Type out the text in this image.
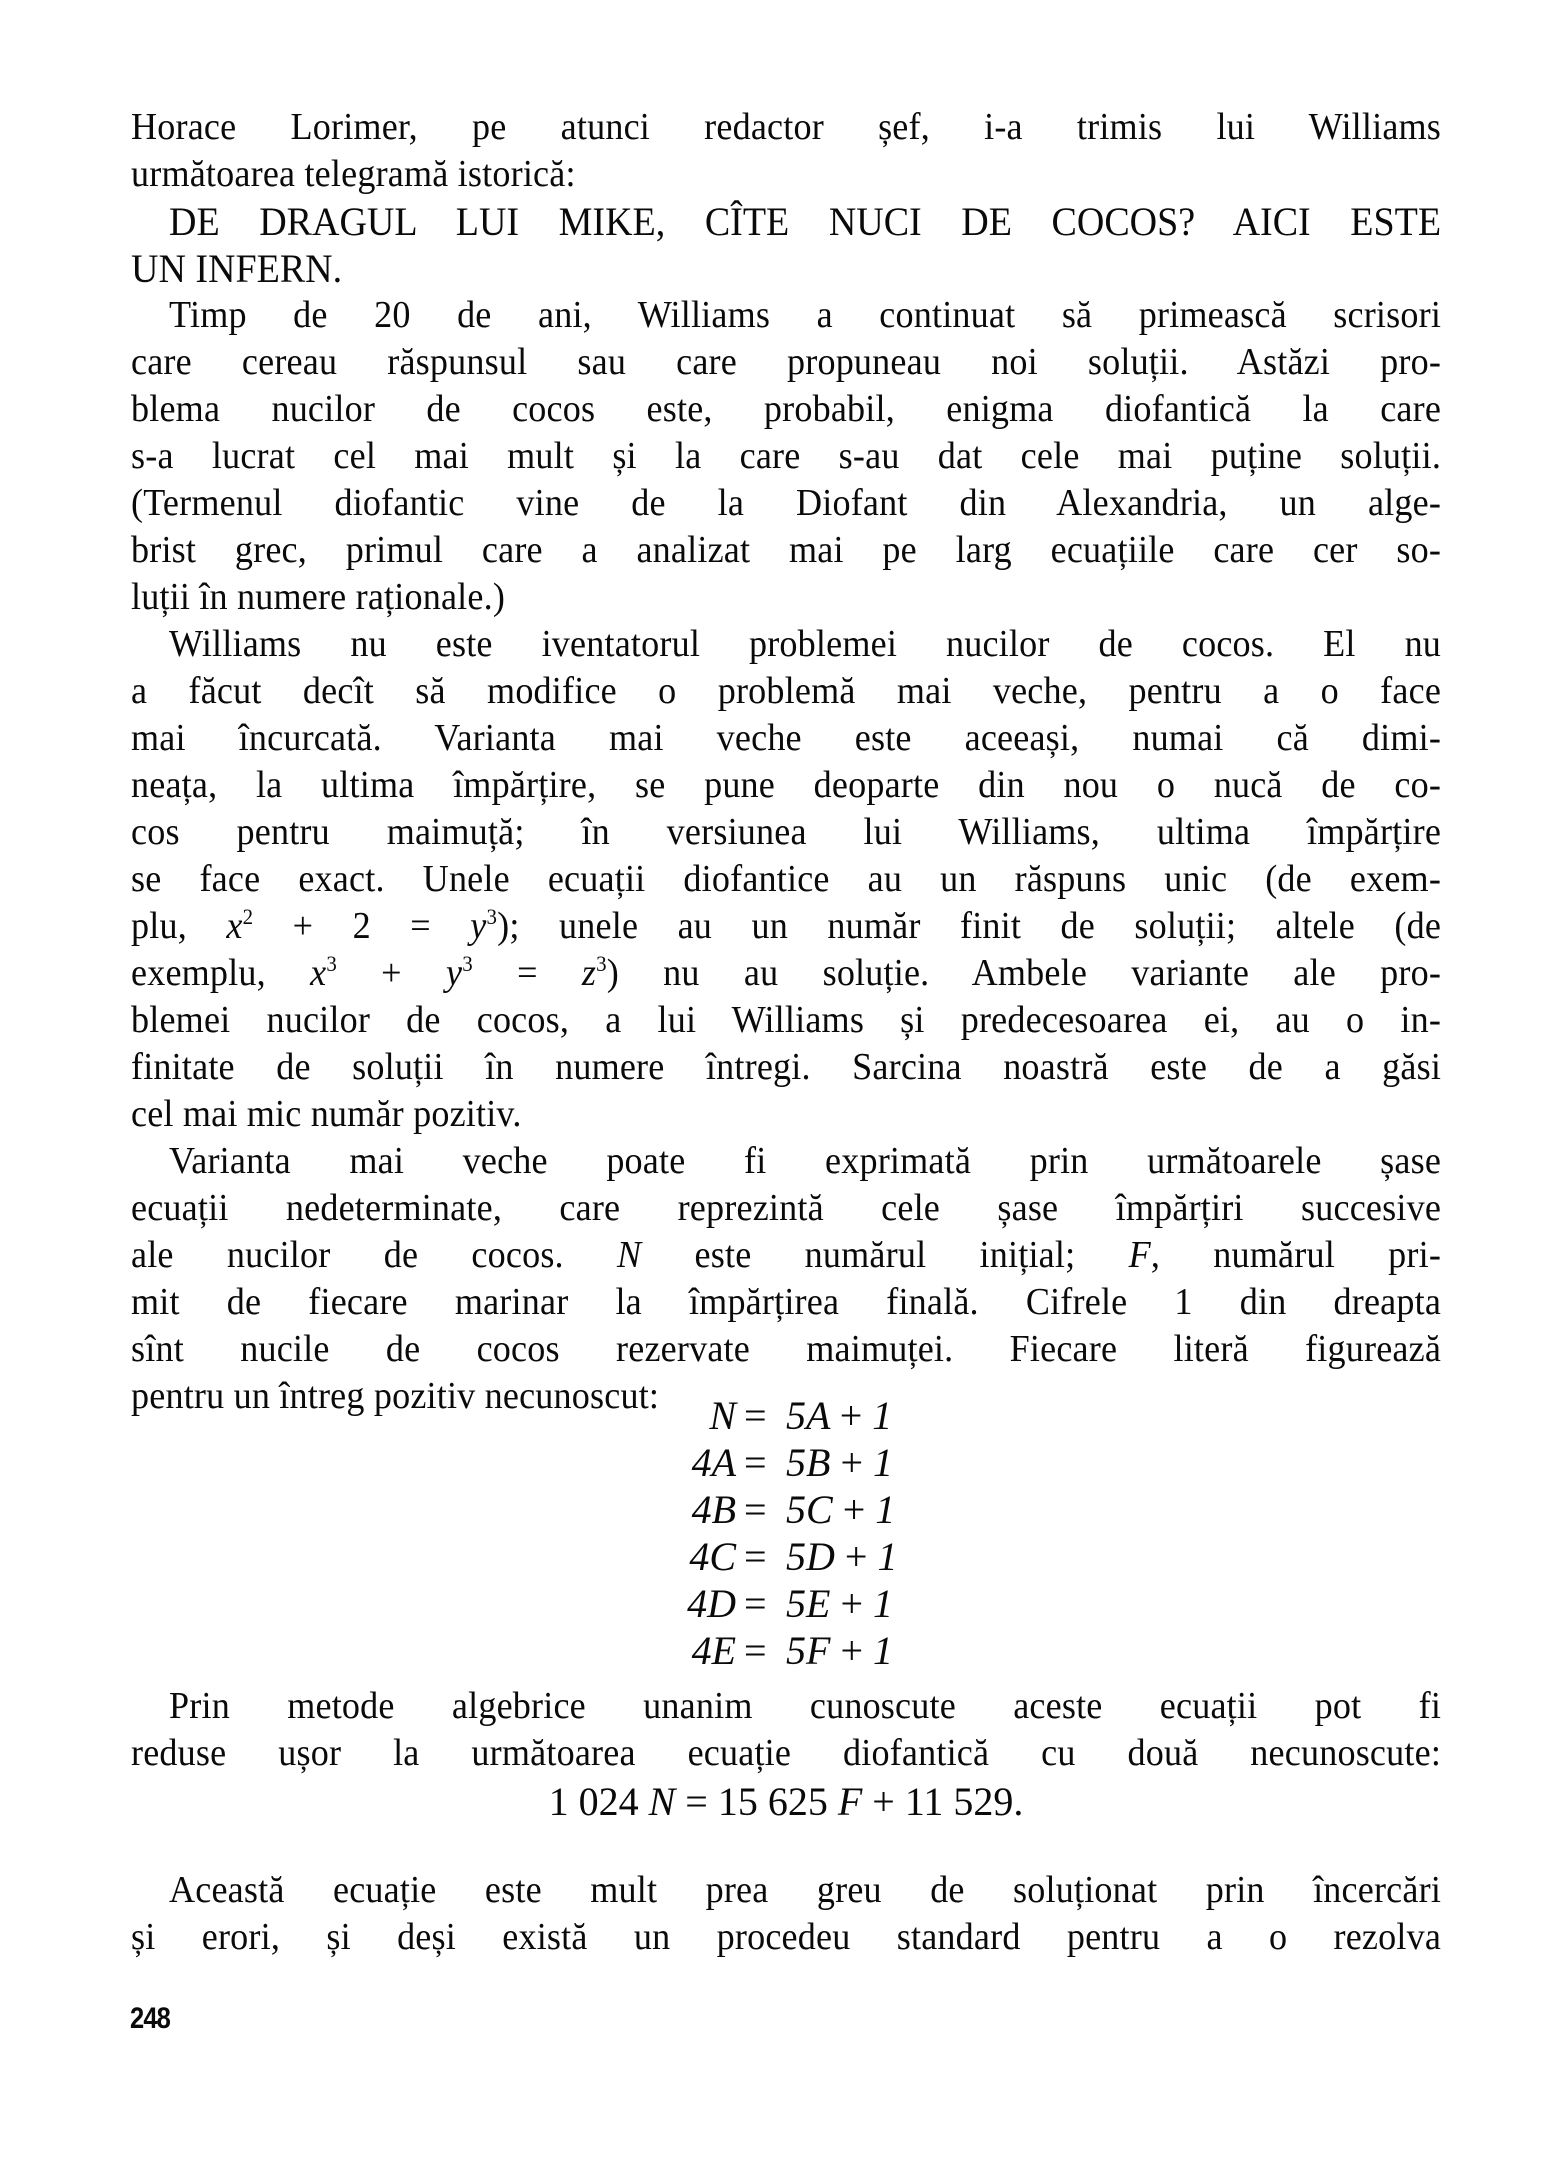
Horace Lorimer, pe atunci redactor șef, i-a trimis lui Williams
următoarea telegramă istorică:
DE DRAGUL LUI MIKE, CÎTE NUCI DE COCOS? AICI ESTE
UN INFERN.
Timp de 20 de ani, Williams a continuat să primească scrisori
care cereau răspunsul sau care propuneau noi soluții. Astăzi pro-
blema nucilor de cocos este, probabil, enigma diofantică la care
s-a lucrat cel mai mult și la care s-au dat cele mai puține soluții.
(Termenul diofantic vine de la Diofant din Alexandria, un alge-
brist grec, primul care a analizat mai pe larg ecuațiile care cer so-
luții în numere raționale.)
Williams nu este iventatorul problemei nucilor de cocos. El nu
a făcut decît să modifice o problemă mai veche, pentru a o face
mai încurcată. Varianta mai veche este aceeași, numai că dimi-
neața, la ultima împărțire, se pune deoparte din nou o nucă de co-
cos pentru maimuță; în versiunea lui Williams, ultima împărțire
se face exact. Unele ecuații diofantice au un răspuns unic (de exem-
plu, $x^2 + 2 = y^3$); unele au un număr finit de soluții; altele (de
exemplu, $x^3 + y^3 = z^3$) nu au soluție. Ambele variante ale pro-
blemei nucilor de cocos, a lui Williams și predecesoarea ei, au o in-
finitate de soluții în numere întregi. Sarcina noastră este de a găsi
cel mai mic număr pozitiv.
Varianta mai veche poate fi exprimată prin următoarele șase
ecuații nedeterminate, care reprezintă cele șase împărțiri succesive
ale nucilor de cocos. N este numărul inițial; F, numărul pri-
mit de fiecare marinar la împărțirea finală. Cifrele 1 din dreapta
sînt nucile de cocos rezervate maimuței. Fiecare literă figurează
pentru un întreg pozitiv necunoscut:	N = 5A + 1
4A = 5B + 1
4B = 5C + 1
4C = 5D + 1
4D = 5E + 1
4E = 5F + 1
Prin metode algebrice unanim cunoscute aceste ecuații pot fi
reduse ușor la următoarea ecuație diofantică cu două necunoscute:
1 024 N = 15 625 F + 11 529.
Această ecuație este mult prea greu de soluționat prin încercări
și erori, și deși există un procedeu standard pentru a o rezolva
248
